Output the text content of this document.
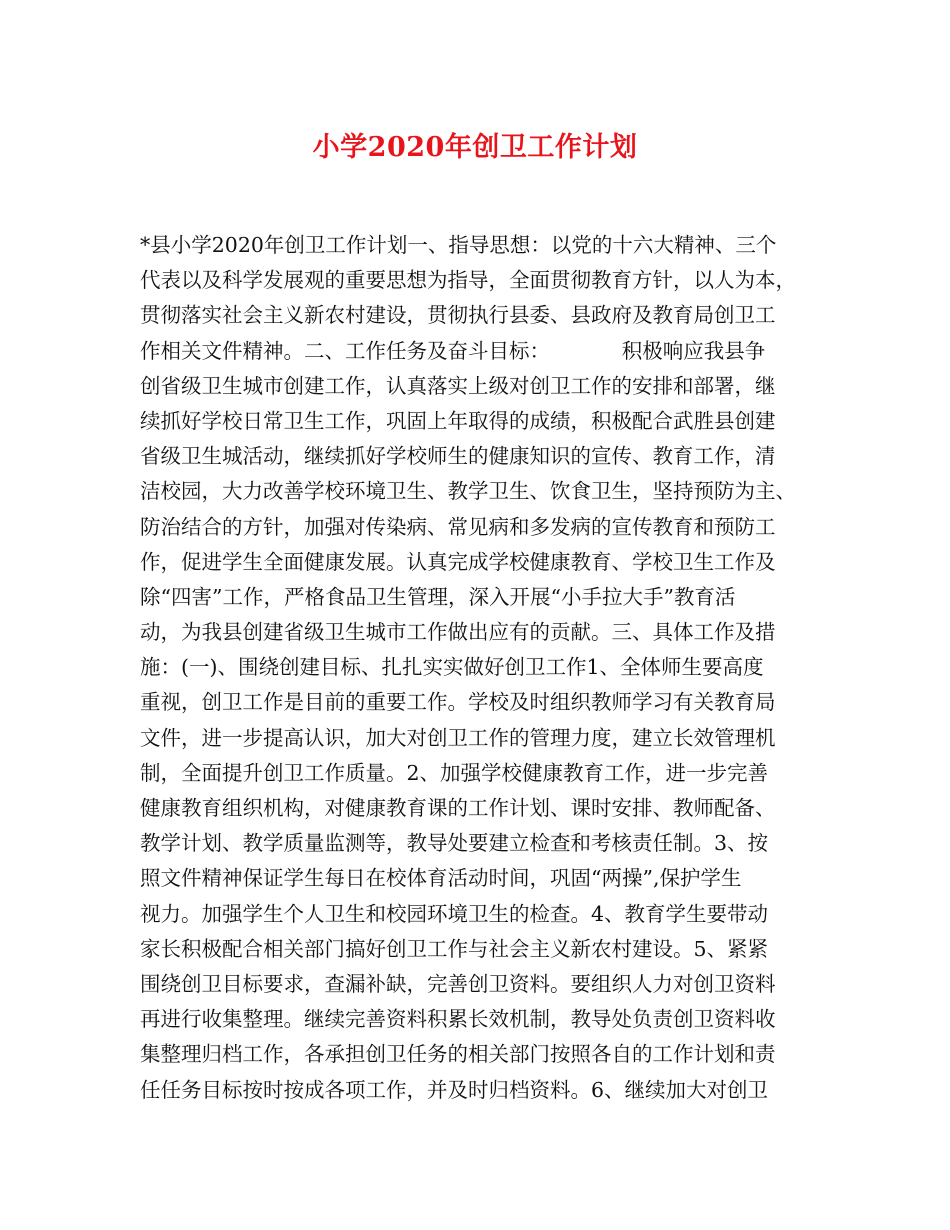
小学2020年创卫工作计划
*县小学2020年创卫工作计划一、指导思想：以党的十六大精神、三个
代表以及科学发展观的重要思想为指导，全面贯彻教育方针，以人为本，
贯彻落实社会主义新农村建设，贯彻执行县委、县政府及教育局创卫工
作相关文件精神。二、工作任务及奋斗目标：　　　　积极响应我县争
创省级卫生城市创建工作，认真落实上级对创卫工作的安排和部署，继
续抓好学校日常卫生工作，巩固上年取得的成绩，积极配合武胜县创建
省级卫生城活动，继续抓好学校师生的健康知识的宣传、教育工作，清
洁校园，大力改善学校环境卫生、教学卫生、饮食卫生，坚持预防为主、
防治结合的方针，加强对传染病、常见病和多发病的宣传教育和预防工
作，促进学生全面健康发展。认真完成学校健康教育、学校卫生工作及
除“四害”工作，严格食品卫生管理，深入开展“小手拉大手”教育活
动，为我县创建省级卫生城市工作做出应有的贡献。三、具体工作及措
施：(一)、围绕创建目标、扎扎实实做好创卫工作1、全体师生要高度
重视，创卫工作是目前的重要工作。学校及时组织教师学习有关教育局
文件，进一步提高认识，加大对创卫工作的管理力度，建立长效管理机
制，全面提升创卫工作质量。2、加强学校健康教育工作，进一步完善
健康教育组织机构，对健康教育课的工作计划、课时安排、教师配备、
教学计划、教学质量监测等，教导处要建立检查和考核责任制。3、按
照文件精神保证学生每日在校体育活动时间，巩固“两操”,保护学生
视力。加强学生个人卫生和校园环境卫生的检查。4、教育学生要带动
家长积极配合相关部门搞好创卫工作与社会主义新农村建设。5、紧紧
围绕创卫目标要求，查漏补缺，完善创卫资料。要组织人力对创卫资料
再进行收集整理。继续完善资料积累长效机制，教导处负责创卫资料收
集整理归档工作，各承担创卫任务的相关部门按照各自的工作计划和责
任任务目标按时按成各项工作，并及时归档资料。6、继续加大对创卫
